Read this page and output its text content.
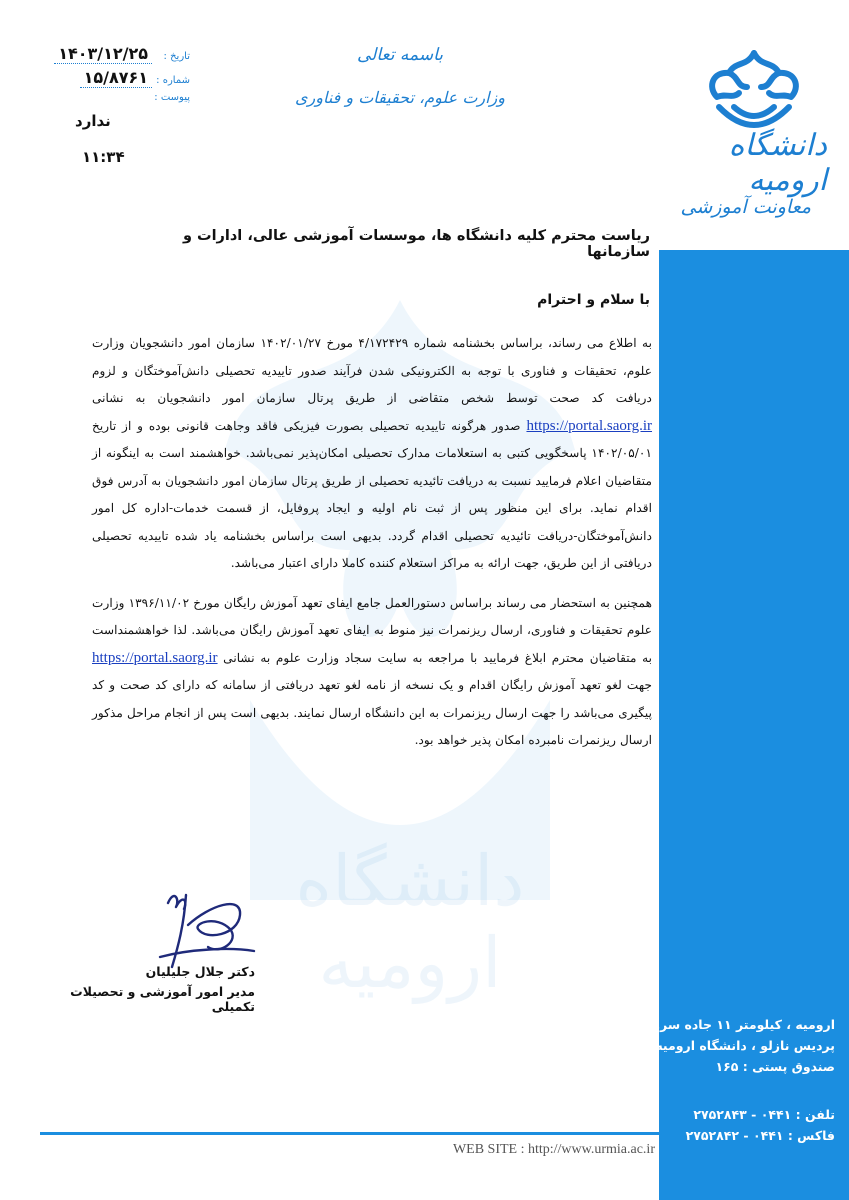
دانشگاه ارومیه
دانشگاه ارومیه
معاونت آموزشی
ارومیه ، کیلومتر ۱۱ جاده سرو
پردیس نازلو ، دانشگاه ارومیه
صندوق پستی : ۱۶۵
تلفن : ۰۴۴۱ - ۲۷۵۲۸۴۳
فاکس : ۰۴۴۱ - ۲۷۵۲۸۴۲
باسمه تعالی
وزارت علوم، تحقیقات و فناوری
تاریخ :
۱۴۰۳/۱۲/۲۵
شماره :
۱۵/۸۷۶۱
پیوست :
ندارد
۱۱:۳۴
ریاست محترم کلیه دانشگاه ها، موسسات آموزشی عالی، ادارات و سازمانها
با سلام و احترام

به اطلاع می رساند، براساس بخشنامه شماره ۴/۱۷۲۴۲۹ مورخ ۱۴۰۲/۰۱/۲۷ سازمان امور دانشجویان وزارت علوم، تحقیقات و فناوری با توجه به الکترونیکی شدن فرآیند صدور تاییدیه تحصیلی دانش‌آموختگان و لزوم دریافت کد صحت توسط شخص متقاضی از طریق پرتال سازمان امور دانشجویان به نشانی https://portal.saorg.ir صدور هرگونه تاییدیه تحصیلی بصورت فیزیکی فاقد وجاهت قانونی بوده و از تاریخ ۱۴۰۲/۰۵/۰۱ پاسخگویی کتبی به استعلامات مدارک تحصیلی امکان‌پذیر نمی‌باشد. خواهشمند است به اینگونه از متقاضیان اعلام فرمایید نسبت به دریافت تائیدیه تحصیلی از طریق پرتال سازمان امور دانشجویان به آدرس فوق اقدام نماید. برای این منظور پس از ثبت نام اولیه و ایجاد پروفایل، از قسمت خدمات-اداره کل امور دانش‌آموختگان-دریافت تائیدیه تحصیلی اقدام گردد. بدیهی است براساس بخشنامه یاد شده تاییدیه تحصیلی دریافتی از این طریق، جهت ارائه به مراکز استعلام کننده کاملا دارای اعتبار می‌باشد.

همچنین به استحضار می رساند براساس دستورالعمل جامع ایفای تعهد آموزش رایگان مورخ ۱۳۹۶/۱۱/۰۲ وزارت علوم تحقیقات و فناوری، ارسال ریزنمرات نیز منوط به ایفای تعهد آموزش رایگان می‌باشد. لذا خواهشمنداست به متقاضیان محترم ابلاغ فرمایید با مراجعه به سایت سجاد وزارت علوم به نشانی https://portal.saorg.ir جهت لغو تعهد آموزش رایگان اقدام و یک نسخه از نامه لغو تعهد دریافتی از سامانه که دارای کد صحت و کد پیگیری می‌باشد را جهت ارسال ریزنمرات به این دانشگاه ارسال نمایند. بدیهی است پس از انجام مراحل مذکور ارسال ریزنمرات نامبرده امکان پذیر خواهد بود.

دکتر جلال جلیلیان
مدیر امور آموزشی و تحصیلات تکمیلی
WEB SITE : http://www.urmia.ac.ir
